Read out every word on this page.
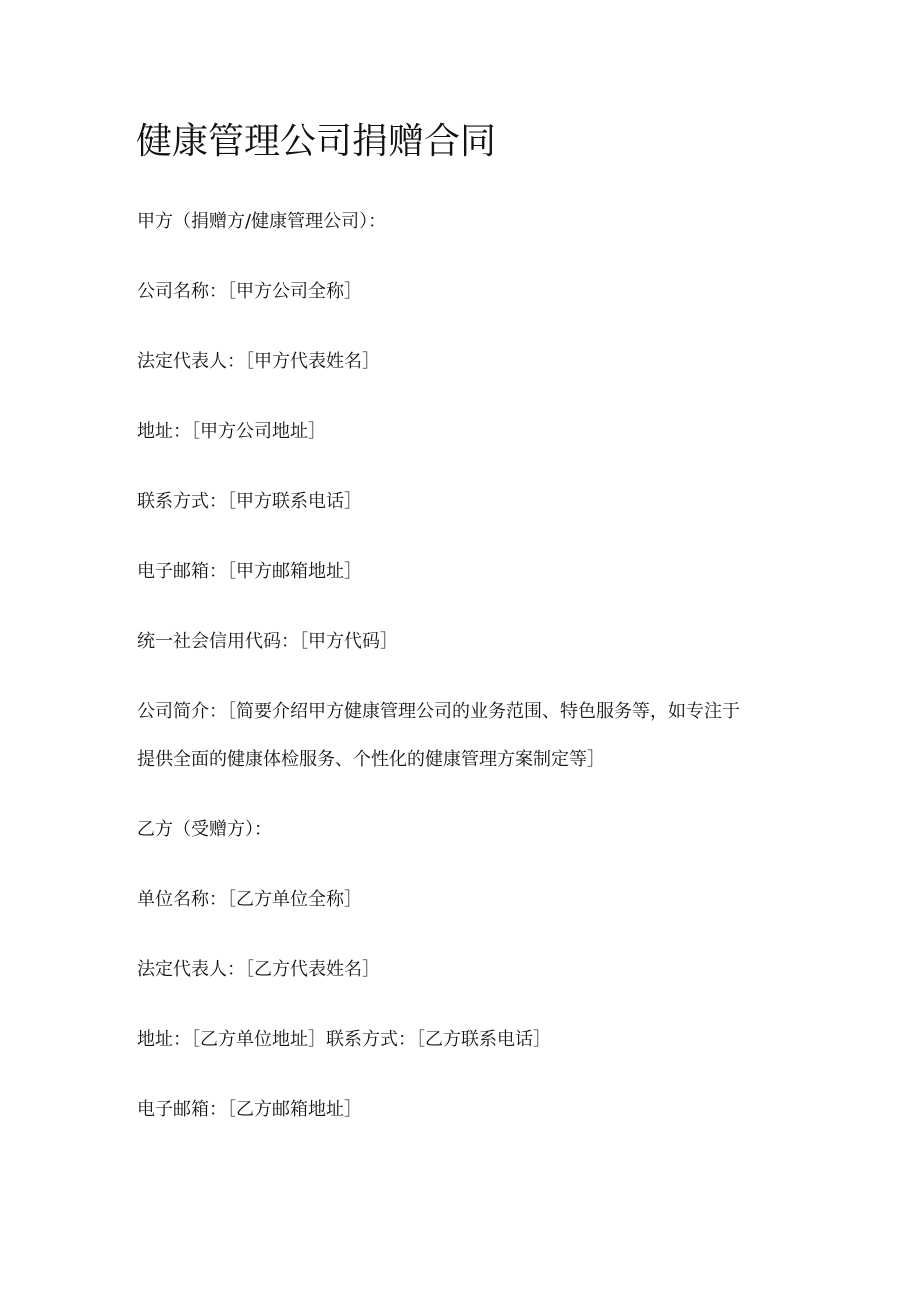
健康管理公司捐赠合同

甲方（捐赠方/健康管理公司）：

公司名称：［甲方公司全称］

法定代表人：［甲方代表姓名］

地址：［甲方公司地址］

联系方式：［甲方联系电话］

电子邮箱：［甲方邮箱地址］

统一社会信用代码：［甲方代码］

公司简介：［简要介绍甲方健康管理公司的业务范围、特色服务等，如专注于

提供全面的健康体检服务、个性化的健康管理方案制定等］

乙方（受赠方）：

单位名称：［乙方单位全称］

法定代表人：［乙方代表姓名］

地址：［乙方单位地址］联系方式：［乙方联系电话］

电子邮箱：［乙方邮箱地址］
